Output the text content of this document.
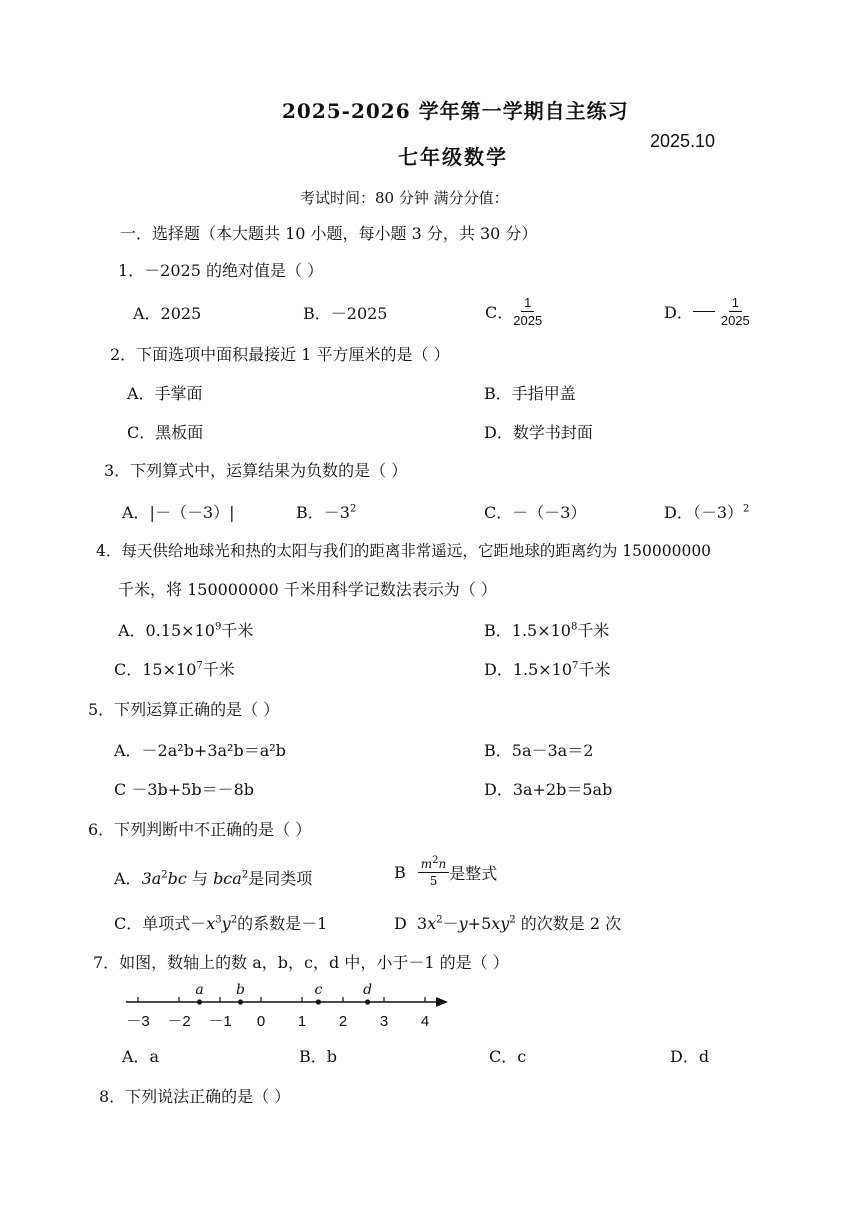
2025-2026 学年第一学期自主练习
2025.10
七年级数学
考试时间：80 分钟 满分分值：
一．选择题（本大题共 10 小题，每小题 3 分，共 30 分）
1．－2025 的绝对值是（ ）
A．2025	B．－2025	C． $\frac{1}{2025}$	D． $\frac{1}{2025}$
2．下面选项中面积最接近 1 平方厘米的是（ ）
A．手掌面	B．手指甲盖
C．黑板面	D．数学书封面
3．下列算式中，运算结果为负数的是（ ）
A．|－（－3）|	B．$-3^2$	C．－（－3）	D．$(-3)^2$
4．每天供给地球光和热的太阳与我们的距离非常遥远，它距地球的距离约为 150000000
千米，将 150000000 千米用科学记数法表示为（ ）
A．$0.15\times 10^9$千米	B．$1.5\times 10^8$千米
C．$15\times 10^7$千米	D．$1.5\times 10^7$千米
5．下列运算正确的是（ ）
A．－2a²b+3a²b＝a²b	B．5a－3a＝2
C －3b+5b＝－8b	D．3a+2b＝5ab
6．下列判断中不正确的是（ ）
A．$3a^2bc$ 与 bca$^2$是同类项	B $\frac{m^2n}{5}$ 是整式
C．单项式$-x^3y^2$的系数是－1	D  $3x^2-y+5xy^2$ 的次数是 2 次
7．如图，数轴上的数 a，b，c，d 中，小于－1 的是（ ）
a b	c	d
－3 －2 －1 0 1 2 3 4
A．a	B．b	C．c	D．d
8．下列说法正确的是（ ）
